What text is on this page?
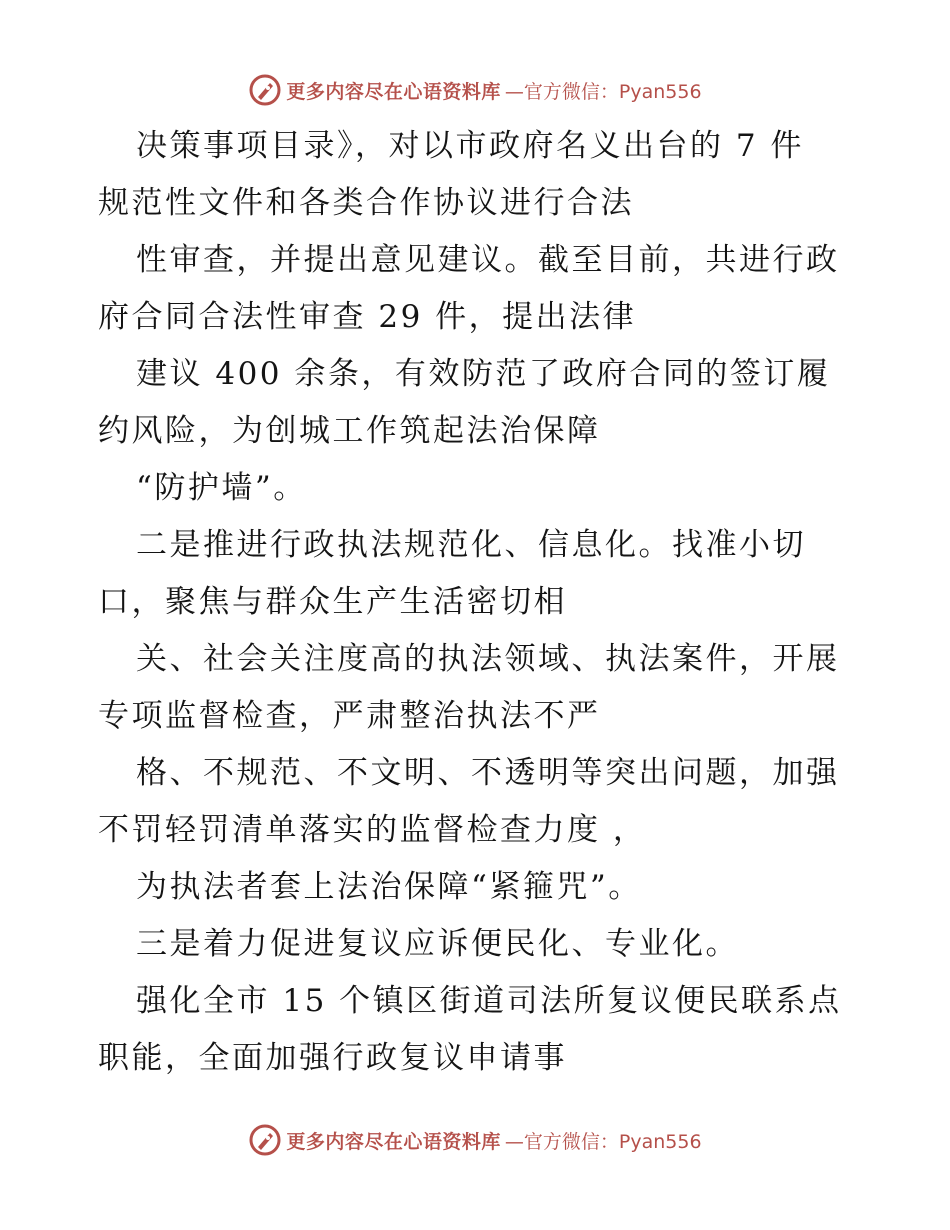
更多内容尽在心语资料库 —官方微信：Pyan556

决策事项目录》，对以市政府名义出台的 7 件

规范性文件和各类合作协议进行合法

性审查，并提出意见建议。截至目前，共进行政

府合同合法性审查 29 件，提出法律

建议 400 余条，有效防范了政府合同的签订履

约风险，为创城工作筑起法治保障

“防护墙”。

二是推进行政执法规范化、信息化。找准小切

口，聚焦与群众生产生活密切相

关、社会关注度高的执法领域、执法案件，开展

专项监督检查，严肃整治执法不严

格、不规范、不文明、不透明等突出问题，加强

不罚轻罚清单落实的监督检查力度 ，

为执法者套上法治保障“紧箍咒”。

三是着力促进复议应诉便民化、专业化。

强化全市 15 个镇区街道司法所复议便民联系点

职能，全面加强行政复议申请事

更多内容尽在心语资料库 —官方微信：Pyan556
